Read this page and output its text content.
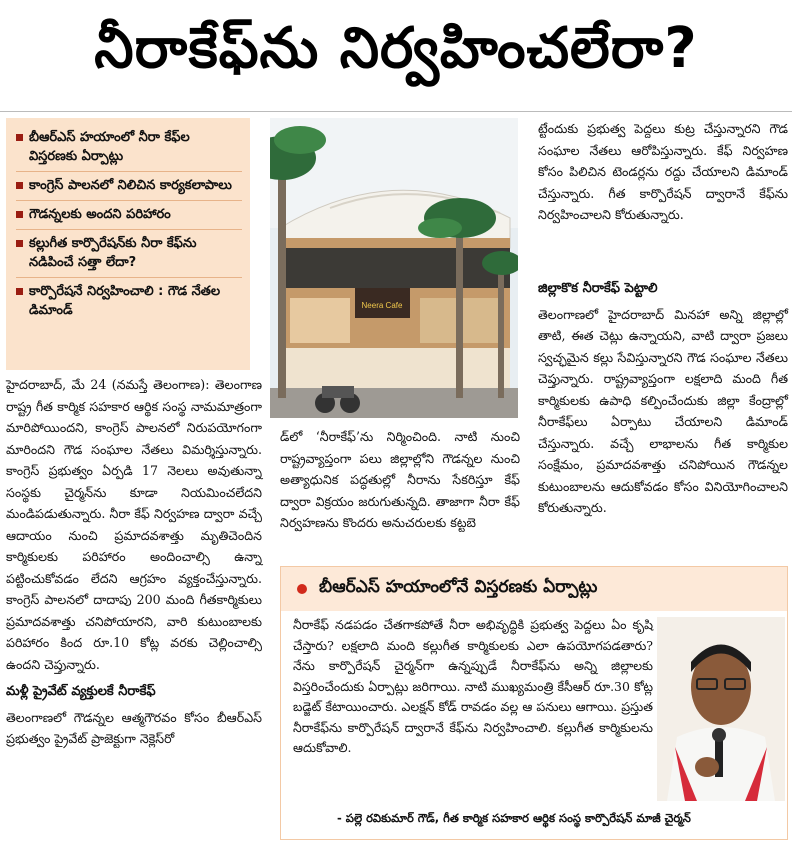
నీరాకేఫ్‌ను నిర్వహించలేరా?
బీఆర్‌ఎస్ హయాంలో నీరా కేఫ్‌ల విస్తరణకు ఏర్పాట్లు
కాంగ్రెస్ పాలనలో నిలిచిన కార్యకలాపాలు
గౌడన్నలకు అందని పరిహారం
కల్లుగీత కార్పొరేషన్‌కు నీరా కేఫ్‌ను నడిపించే సత్తా లేదా?
కార్పొరేషనే నిర్వహించాలి : గౌడ నేతల డిమాండ్	Neera Cafe

హైదరాబాద్, మే 24 (నమస్తే తెలంగాణ): తెలంగాణ రాష్ట్ర గీత కార్మిక సహకార ఆర్థిక సంస్థ నామమాత్రంగా మారిపోయిందని, కాంగ్రెస్ పాలనలో నిరుపయోగంగా మారిందని గౌడ సంఘాల నేతలు విమర్శిస్తున్నారు. కాంగ్రెస్ ప్రభుత్వం ఏర్పడి 17 నెలలు అవుతున్నా సంస్థకు చైర్మన్‌ను కూడా నియమించలేదని మండిపడుతున్నారు. నీరా కేఫ్ నిర్వహణ ద్వారా వచ్చే ఆదాయం నుంచి ప్రమాదవశాత్తు మృతిచెందిన కార్మికులకు పరిహారం అందించాల్సి ఉన్నా పట్టించుకోవడం లేదని ఆగ్రహం వ్యక్తంచేస్తున్నారు. కాంగ్రెస్ పాలనలో దాదాపు 200 మంది గీతకార్మికులు ప్రమాదవశాత్తు చనిపోయారని, వారి కుటుంబాలకు పరిహారం కింద రూ.10 కోట్ల వరకు చెల్లించాల్సి ఉందని చెప్తున్నారు.

మళ్లీ ప్రైవేట్ వ్యక్తులకే నీరాకేఫ్

తెలంగాణలో గౌడన్నల ఆత్మగౌరవం కోసం బీఆర్‌ఎస్ ప్రభుత్వం ప్రైవేట్ ప్రాజెక్టుగా నెక్లెస్‌రో

డ్‌లో ‘నీరాకేఫ్’ను నిర్మించింది. నాటి నుంచి రాష్ట్రవ్యాప్తంగా పలు జిల్లాల్లోని గౌడన్నల నుంచి అత్యాధునిక పద్ధతుల్లో నీరాను సేకరిస్తూ కేఫ్ ద్వారా విక్రయం జరుగుతున్నది. తాజాగా నీరా కేఫ్ నిర్వహణను కొందరు అనుచరులకు కట్టబె

ట్టేందుకు ప్రభుత్వ పెద్దలు కుట్ర చేస్తున్నారని గౌడ సంఘాల నేతలు ఆరోపిస్తున్నారు. కేఫ్ నిర్వహణ కోసం పిలిచిన టెండర్లను రద్దు చేయాలని డిమాండ్ చేస్తున్నారు. గీత కార్పొరేషన్ ద్వారానే కేఫ్‌ను నిర్వహించాలని కోరుతున్నారు.

జిల్లాకొక నీరాకేఫ్ పెట్టాలి

తెలంగాణలో హైదరాబాద్ మినహా అన్ని జిల్లాల్లో తాటి, ఈత చెట్లు ఉన్నాయని, వాటి ద్వారా ప్రజలు స్వచ్ఛమైన కల్లు సేవిస్తున్నారని గౌడ సంఘాల నేతలు చెప్తున్నారు. రాష్ట్రవ్యాప్తంగా లక్షలాది మంది గీత కార్మికులకు ఉపాధి కల్పించేందుకు జిల్లా కేంద్రాల్లో నీరాకేఫ్‌లు ఏర్పాటు చేయాలని డిమాండ్ చేస్తున్నారు. వచ్చే లాభాలను గీత కార్మికుల సంక్షేమం, ప్రమాదవశాత్తు చనిపోయిన గౌడన్నల కుటుంబాలను ఆదుకోవడం కోసం వినియోగించాలని కోరుతున్నారు.

బీఆర్‌ఎస్ హయాంలోనే విస్తరణకు ఏర్పాట్లు

నీరాకేఫ్ నడపడం చేతగాకపోతే నీరా అభివృద్ధికి ప్రభుత్వ పెద్దలు ఏం కృషి చేస్తారు? లక్షలాది మంది కల్లుగీత కార్మికులకు ఎలా ఉపయోగపడతారు? నేను కార్పొరేషన్ చైర్మన్‌గా ఉన్నప్పుడే నీరాకేఫ్‌ను అన్ని జిల్లాలకు విస్తరించేందుకు ఏర్పాట్లు జరిగాయి. నాటి ముఖ్యమంత్రి కేసీఆర్ రూ.30 కోట్ల బడ్జెట్ కేటాయించారు. ఎలక్షన్ కోడ్ రావడం వల్ల ఆ పనులు ఆగాయి. ప్రస్తుత నీరాకేఫ్‌ను కార్పొరేషన్ ద్వారానే కేఫ్‌ను నిర్వహించాలి. కల్లుగీత కార్మికులను ఆదుకోవాలి.

- పల్లె రవికుమార్ గౌడ్, గీత కార్మిక సహకార ఆర్థిక సంస్థ కార్పొరేషన్ మాజీ చైర్మన్
